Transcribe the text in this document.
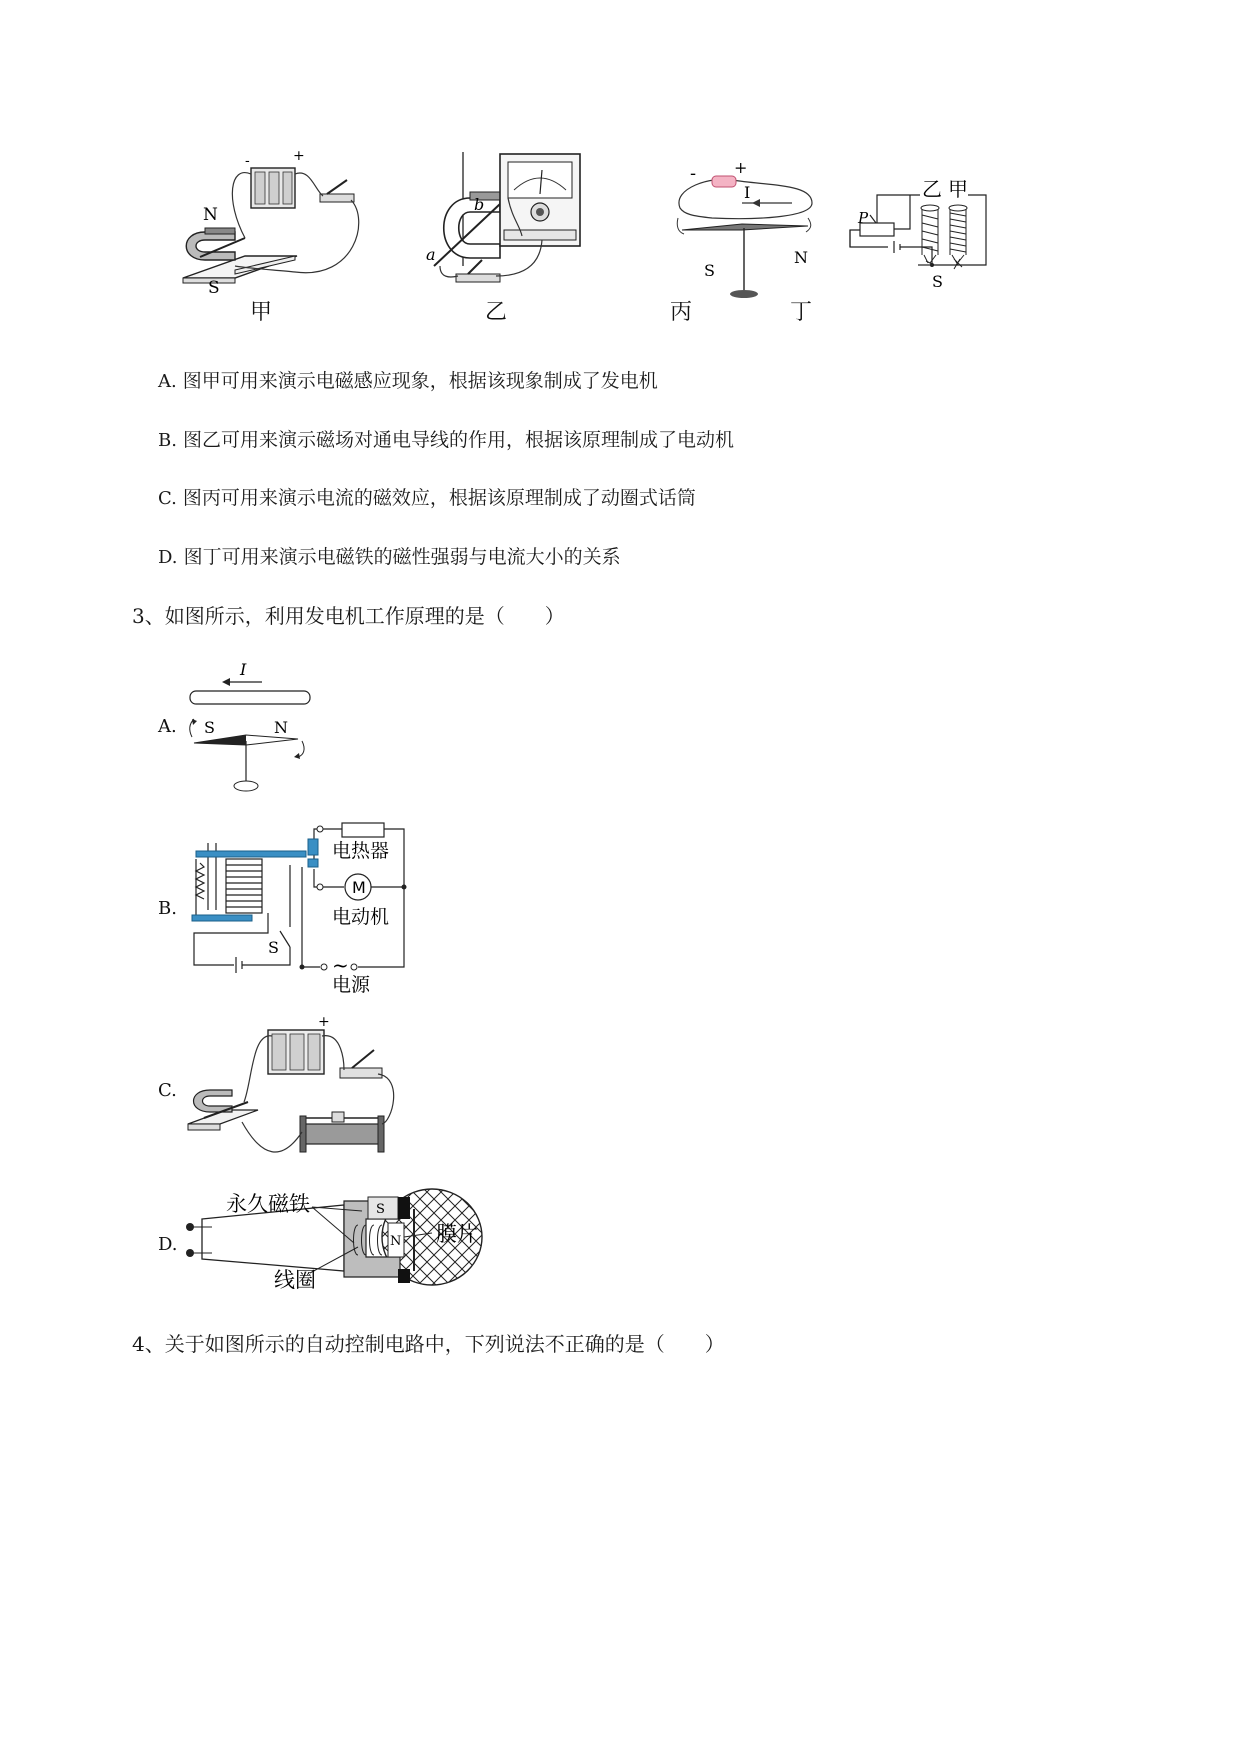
-	+
N
S
a
b
- +
I
S
N
乙 甲
P
S
甲	乙	丙	丁
A. 图甲可用来演示电磁感应现象，根据该现象制成了发电机
B. 图乙可用来演示磁场对通电导线的作用，根据该原理制成了电动机
C. 图丙可用来演示电流的磁效应，根据该原理制成了动圈式话筒
D. 图丁可用来演示电磁铁的磁性强弱与电流大小的关系
3、如图所示，利用发电机工作原理的是（　　）
A.
I
S	N
B.
电热器
M
电动机
S
~
电源
C.
+
D.
永久磁铁
膜片
线圈
S
N
4、关于如图所示的自动控制电路中，下列说法不正确的是（　　）
